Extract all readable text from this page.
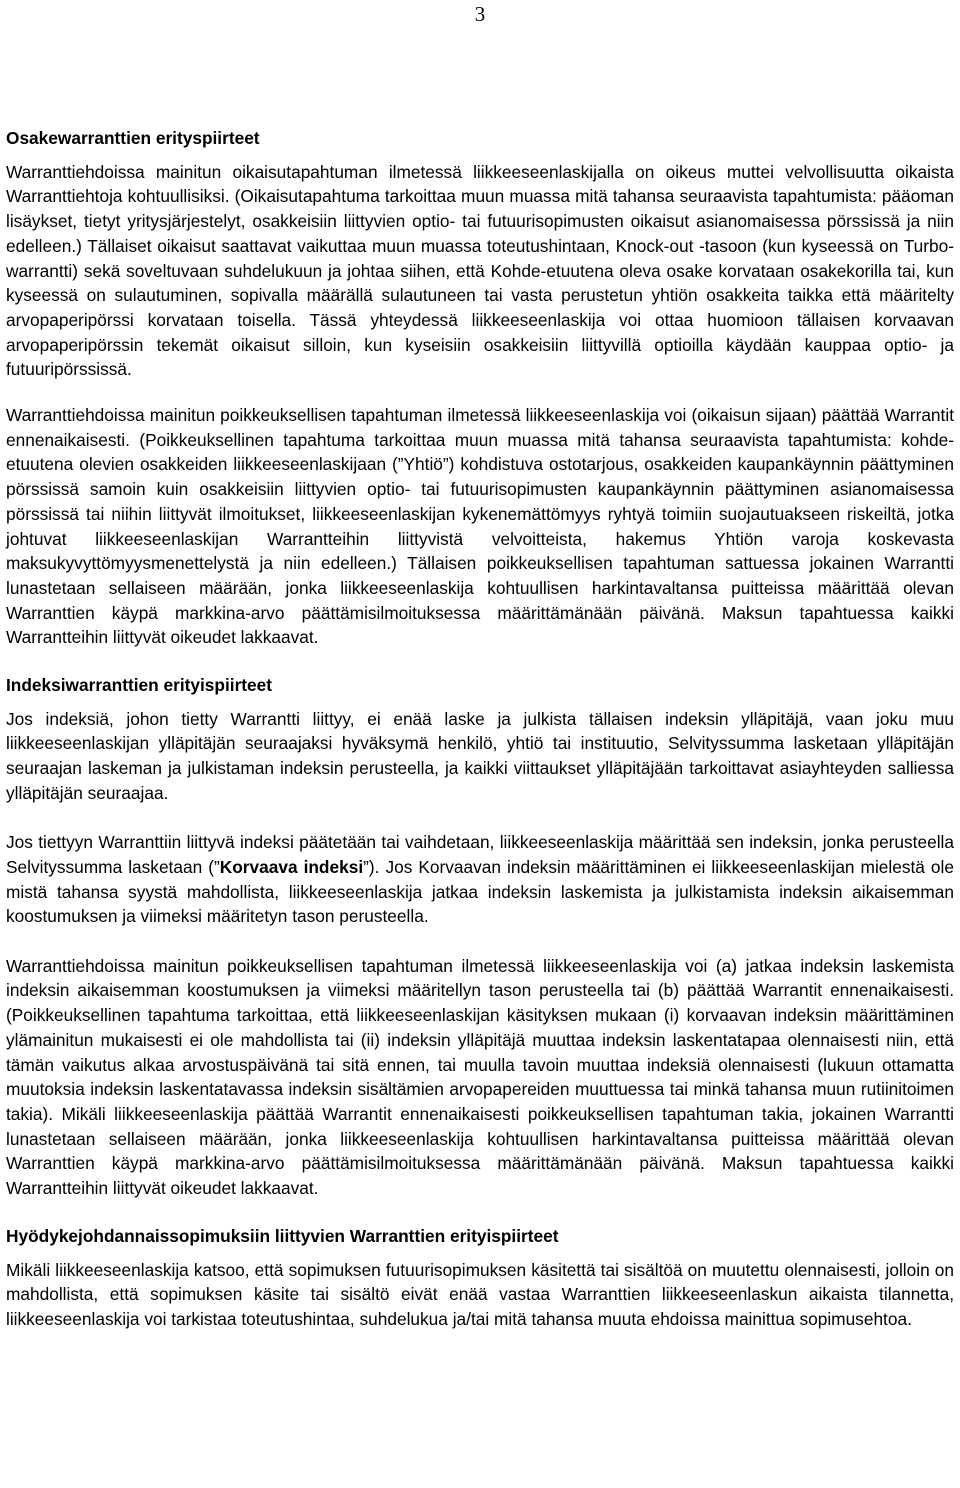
3

Osakewarranttien erityspiirteet

Warranttiehdoissa mainitun oikaisutapahtuman ilmetessä liikkeeseenlaskijalla on oikeus muttei velvollisuutta oikaista Warranttiehtoja kohtuullisiksi. (Oikaisutapahtuma tarkoittaa muun muassa mitä tahansa seuraavista tapahtumista: pääoman lisäykset, tietyt yritysjärjestelyt, osakkeisiin liittyvien optio- tai futuurisopimusten oikaisut asianomaisessa pörssissä ja niin edelleen.) Tällaiset oikaisut saattavat vaikuttaa muun muassa toteutushintaan, Knock-out -tasoon (kun kyseessä on Turbo-warrantti) sekä soveltuvaan suhdelukuun ja johtaa siihen, että Kohde-etuutena oleva osake korvataan osakekorilla tai, kun kyseessä on sulautuminen, sopivalla määrällä sulautuneen tai vasta perustetun yhtiön osakkeita taikka että määritelty arvopaperipörssi korvataan toisella. Tässä yhteydessä liikkeeseenlaskija voi ottaa huomioon tällaisen korvaavan arvopaperipörssin tekemät oikaisut silloin, kun kyseisiin osakkeisiin liittyvillä optioilla käydään kauppaa optio- ja futuuripörssissä.

Warranttiehdoissa mainitun poikkeuksellisen tapahtuman ilmetessä liikkeeseenlaskija voi (oikaisun sijaan) päättää Warrantit ennenaikaisesti. (Poikkeuksellinen tapahtuma tarkoittaa muun muassa mitä tahansa seuraavista tapahtumista: kohde-etuutena olevien osakkeiden liikkeeseenlaskijaan (”Yhtiö”) kohdistuva ostotarjous, osakkeiden kaupankäynnin päättyminen pörssissä samoin kuin osakkeisiin liittyvien optio- tai futuurisopimusten kaupankäynnin päättyminen asianomaisessa pörssissä tai niihin liittyvät ilmoitukset, liikkeeseenlaskijan kykenemättömyys ryhtyä toimiin suojautuakseen riskeiltä, jotka johtuvat liikkeeseenlaskijan Warrantteihin liittyvistä velvoitteista, hakemus Yhtiön varoja koskevasta maksukyvyttömyysmenettelystä ja niin edelleen.) Tällaisen poikkeuksellisen tapahtuman sattuessa jokainen Warrantti lunastetaan sellaiseen määrään, jonka liikkeeseenlaskija kohtuullisen harkintavaltansa puitteissa määrittää olevan Warranttien käypä markkina-arvo päättämisilmoituksessa määrittämänään päivänä. Maksun tapahtuessa kaikki Warrantteihin liittyvät oikeudet lakkaavat.

Indeksiwarranttien erityispiirteet

Jos indeksiä, johon tietty Warrantti liittyy, ei enää laske ja julkista tällaisen indeksin ylläpitäjä, vaan joku muu liikkeeseenlaskijan ylläpitäjän seuraajaksi hyväksymä henkilö, yhtiö tai instituutio, Selvityssumma lasketaan ylläpitäjän seuraajan laskeman ja julkistaman indeksin perusteella, ja kaikki viittaukset ylläpitäjään tarkoittavat asiayhteyden salliessa ylläpitäjän seuraajaa.

Jos tiettyyn Warranttiin liittyvä indeksi päätetään tai vaihdetaan, liikkeeseenlaskija määrittää sen indeksin, jonka perusteella Selvityssumma lasketaan (”Korvaava indeksi”). Jos Korvaavan indeksin määrittäminen ei liikkeeseenlaskijan mielestä ole mistä tahansa syystä mahdollista, liikkeeseenlaskija jatkaa indeksin laskemista ja julkistamista indeksin aikaisemman koostumuksen ja viimeksi määritetyn tason perusteella.

Warranttiehdoissa mainitun poikkeuksellisen tapahtuman ilmetessä liikkeeseenlaskija voi (a) jatkaa indeksin laskemista indeksin aikaisemman koostumuksen ja viimeksi määritellyn tason perusteella tai (b) päättää Warrantit ennenaikaisesti. (Poikkeuksellinen tapahtuma tarkoittaa, että liikkeeseenlaskijan käsityksen mukaan (i) korvaavan indeksin määrittäminen ylämainitun mukaisesti ei ole mahdollista tai (ii) indeksin ylläpitäjä muuttaa indeksin laskentatapaa olennaisesti niin, että tämän vaikutus alkaa arvostuspäivänä tai sitä ennen, tai muulla tavoin muuttaa indeksiä olennaisesti (lukuun ottamatta muutoksia indeksin laskentatavassa indeksin sisältämien arvopapereiden muuttuessa tai minkä tahansa muun rutiinitoimen takia). Mikäli liikkeeseenlaskija päättää Warrantit ennenaikaisesti poikkeuksellisen tapahtuman takia, jokainen Warrantti lunastetaan sellaiseen määrään, jonka liikkeeseenlaskija kohtuullisen harkintavaltansa puitteissa määrittää olevan Warranttien käypä markkina-arvo päättämisilmoituksessa määrittämänään päivänä. Maksun tapahtuessa kaikki Warrantteihin liittyvät oikeudet lakkaavat.

Hyödykejohdannaissopimuksiin liittyvien Warranttien erityispiirteet

Mikäli liikkeeseenlaskija katsoo, että sopimuksen futuurisopimuksen käsitettä tai sisältöä on muutettu olennaisesti, jolloin on mahdollista, että sopimuksen käsite tai sisältö eivät enää vastaa Warranttien liikkeeseenlaskun aikaista tilannetta, liikkeeseenlaskija voi tarkistaa toteutushintaa, suhdelukua ja/tai mitä tahansa muuta ehdoissa mainittua sopimusehtoa.
